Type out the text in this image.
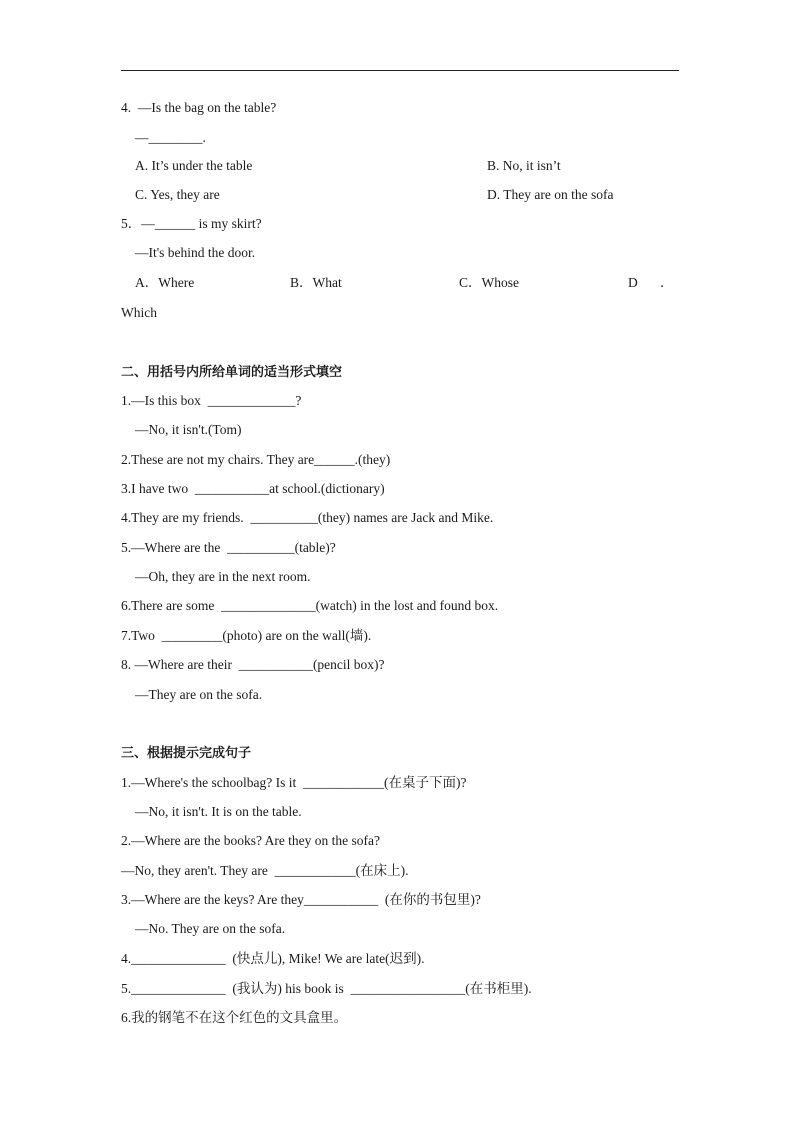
4.  —Is the bag on the table?
—________.
A. It’s under the table	B. No, it isn’t
C. Yes, they are	D. They are on the sofa
5．—______ is my skirt?
—It's behind the door.
A．Where	B．What	C．Whose	D ．
Which
二、用括号内所给单词的适当形式填空
1.—Is this box  _____________?
—No, it isn't.(Tom)
2.These are not my chairs. They are______.(they)
3.I have two  ___________at school.(dictionary)
4.They are my friends.  __________(they) names are Jack and Mike.
5.—Where are the  __________(table)?
—Oh, they are in the next room.
6.There are some  ______________(watch) in the lost and found box.
7.Two  _________(photo) are on the wall(墙).
8. —Where are their  ___________(pencil box)?
—They are on the sofa.
三、根据提示完成句子
1.—Where's the schoolbag? Is it  ____________(在桌子下面)?
—No, it isn't. It is on the table.
2.—Where are the books? Are they on the sofa?
—No, they aren't. They are  ____________(在床上).
3.—Where are the keys? Are they___________  (在你的书包里)?
—No. They are on the sofa.
4.______________  (快点儿), Mike! We are late(迟到).
5.______________  (我认为) his book is  _________________(在书柜里).
6.我的钢笔不在这个红色的文具盒里。
